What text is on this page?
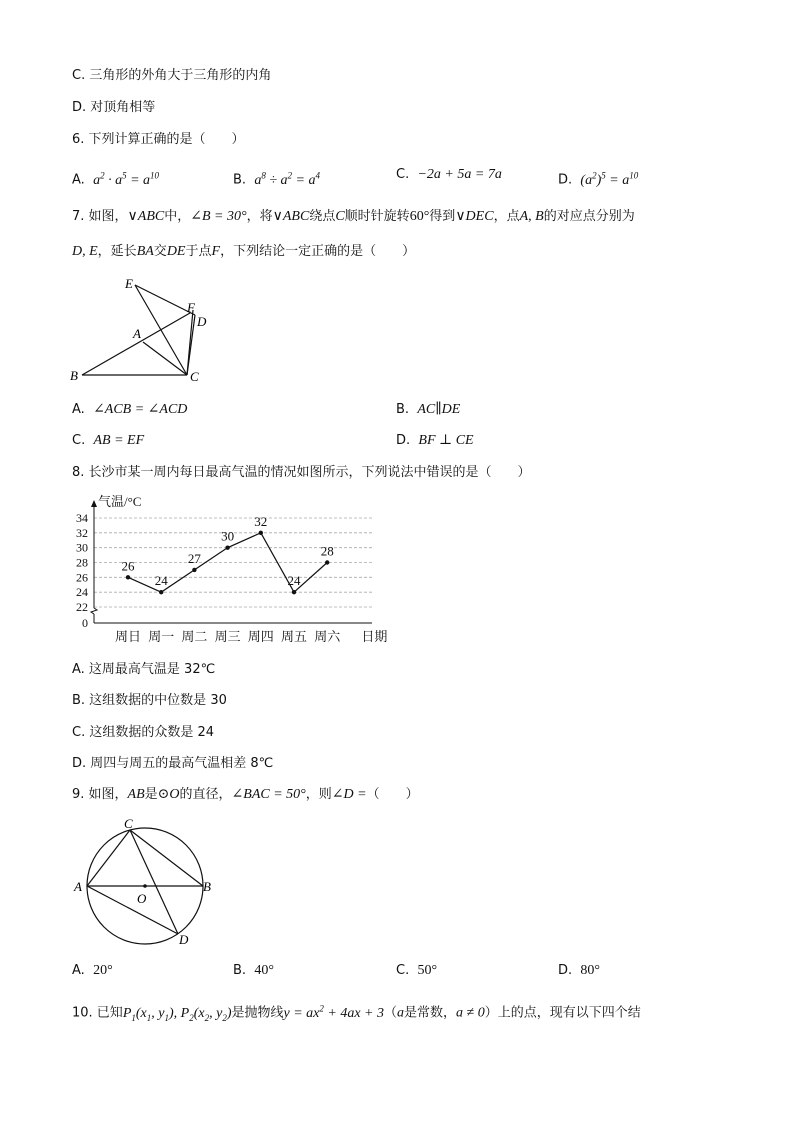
C. 三角形的外角大于三角形的内角
D. 对顶角相等
6. 下列计算正确的是（　　）
A. $a^2 \cdot a^5 = a^{10}$	B. $a^8 \div a^2 = a^4$	C. −2a + 5a = 7a	D. $(a^2)^5 = a^{10}$
7. 如图，∨ABC中，∠B = 30°，将∨ABC绕点C顺时针旋转60°得到∨DEC，点A, B的对应点分别为
D, E，延长BA交DE于点F，下列结论一定正确的是（　　）
E
F
D
A
B	C
A. ∠ACB = ∠ACD	B. AC∥DE
C. AB = EF	D. BF ⊥ CE
8. 长沙市某一周内每日最高气温的情况如图所示，下列说法中错误的是（　　）
0
22
24
26
28
30
32
34
气温/°C
周日 周一 周二 周三 周四 周五 周六 日期
26
24
27
30
32
24
28
A. 这周最高气温是 32℃
B. 这组数据的中位数是 30
C. 这组数据的众数是 24
D. 周四与周五的最高气温相差 8℃
9. 如图，AB是⊙O的直径，∠BAC = 50°，则∠D =（　　）
C
A	B
O
D
A. 20°	B. 40°	C. 50°	D. 80°
10. 已知$P_1(x_1$, $y_1$), $P_2(x_2$, $y_2$)是抛物线$y = ax^2 + 4ax + 3(a$是常数，a ≠ 0）上的点，现有以下四个结
